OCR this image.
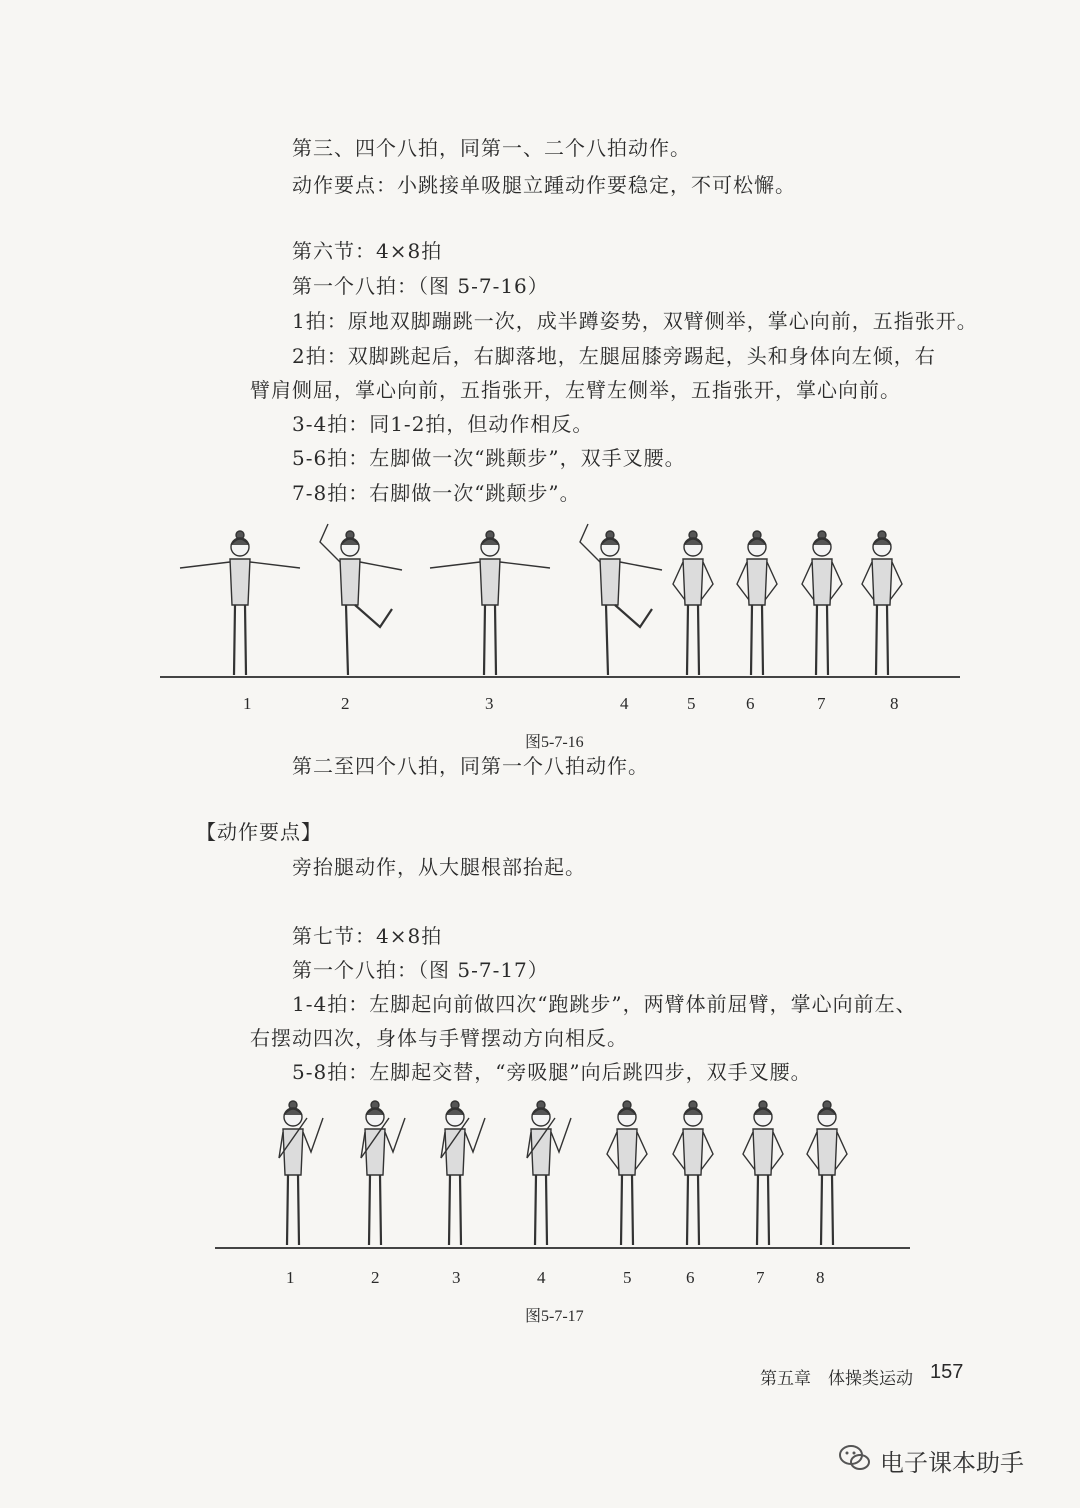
第三、四个八拍，同第一、二个八拍动作。
动作要点：小跳接单吸腿立踵动作要稳定，不可松懈。
第六节：4×8拍
第一个八拍：（图 5-7-16）
1拍：原地双脚蹦跳一次，成半蹲姿势，双臂侧举，掌心向前，五指张开。
2拍：双脚跳起后，右脚落地，左腿屈膝旁踢起，头和身体向左倾，右
臂肩侧屈，掌心向前，五指张开，左臂左侧举，五指张开，掌心向前。
3-4拍：同1-2拍，但动作相反。
5-6拍：左脚做一次“跳颠步”，双手叉腰。
7-8拍：右脚做一次“跳颠步”。
1	2	3	4	5	6	7	8
图5-7-16
第二至四个八拍，同第一个八拍动作。
【动作要点】
旁抬腿动作，从大腿根部抬起。
第七节：4×8拍
第一个八拍：（图 5-7-17）
1-4拍：左脚起向前做四次“跑跳步”，两臂体前屈臂，掌心向前左、
右摆动四次，身体与手臂摆动方向相反。
5-8拍：左脚起交替，“旁吸腿”向后跳四步，双手叉腰。
1	2	3	4	5	6	7	8
图5-7-17
第五章　体操类运动 157
电子课本助手
